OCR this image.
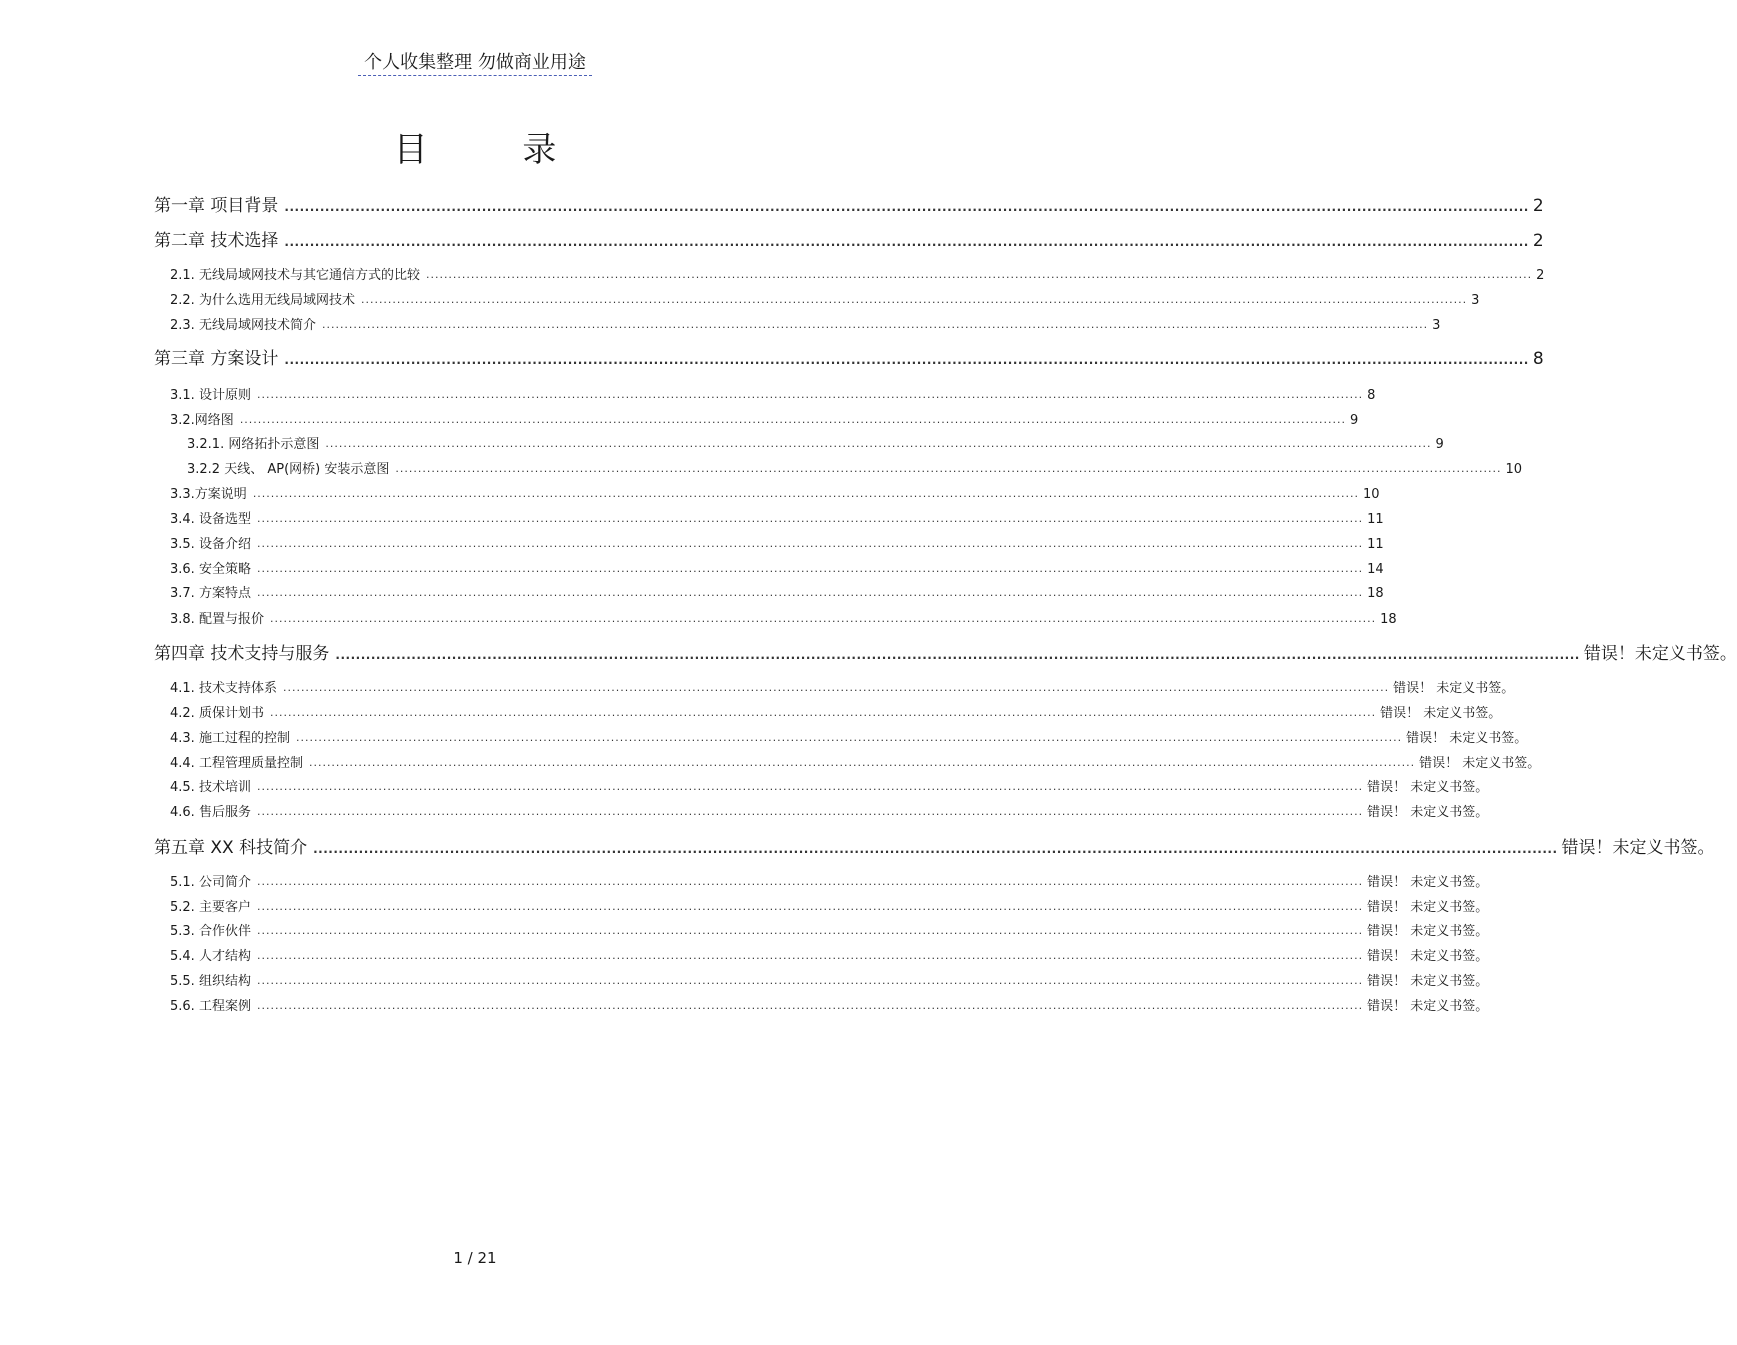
个人收集整理 勿做商业用途
目 录
第一章 项目背景 ...................................................................................................................................................................................................................................................... 2
第二章 技术选择 ...................................................................................................................................................................................................................................................... 2
2.1. 无线局域网技术与其它通信方式的比较 ...................................................................................................................................................................................................................................................... 2
2.2. 为什么选用无线局域网技术 ...................................................................................................................................................................................................................................................... 3
2.3. 无线局域网技术简介 ...................................................................................................................................................................................................................................................... 3
第三章 方案设计 ...................................................................................................................................................................................................................................................... 8
3.1. 设计原则 ...................................................................................................................................................................................................................................................... 8
3.2.网络图 ...................................................................................................................................................................................................................................................... 9
3.2.1. 网络拓扑示意图 ...................................................................................................................................................................................................................................................... 9
3.2.2 天线、 AP(网桥) 安装示意图 ...................................................................................................................................................................................................................................................... 10
3.3.方案说明 ...................................................................................................................................................................................................................................................... 10
3.4. 设备选型 ...................................................................................................................................................................................................................................................... 11
3.5. 设备介绍 ...................................................................................................................................................................................................................................................... 11
3.6. 安全策略 ...................................................................................................................................................................................................................................................... 14
3.7. 方案特点 ...................................................................................................................................................................................................................................................... 18
3.8. 配置与报价 ...................................................................................................................................................................................................................................................... 18
第四章 技术支持与服务 ...................................................................................................................................................................................................................................................... 错误！未定义书签。
4.1. 技术支持体系 ...................................................................................................................................................................................................................................................... 错误！ 未定义书签。
4.2. 质保计划书 ...................................................................................................................................................................................................................................................... 错误！ 未定义书签。
4.3. 施工过程的控制 ...................................................................................................................................................................................................................................................... 错误！ 未定义书签。
4.4. 工程管理质量控制 ...................................................................................................................................................................................................................................................... 错误！ 未定义书签。
4.5. 技术培训 ...................................................................................................................................................................................................................................................... 错误！ 未定义书签。
4.6. 售后服务 ...................................................................................................................................................................................................................................................... 错误！ 未定义书签。
第五章 XX 科技简介 ...................................................................................................................................................................................................................................................... 错误！未定义书签。
5.1. 公司简介 ...................................................................................................................................................................................................................................................... 错误！ 未定义书签。
5.2. 主要客户 ...................................................................................................................................................................................................................................................... 错误！ 未定义书签。
5.3. 合作伙伴 ...................................................................................................................................................................................................................................................... 错误！ 未定义书签。
5.4. 人才结构 ...................................................................................................................................................................................................................................................... 错误！ 未定义书签。
5.5. 组织结构 ...................................................................................................................................................................................................................................................... 错误！ 未定义书签。
5.6. 工程案例 ...................................................................................................................................................................................................................................................... 错误！ 未定义书签。
1 / 21
